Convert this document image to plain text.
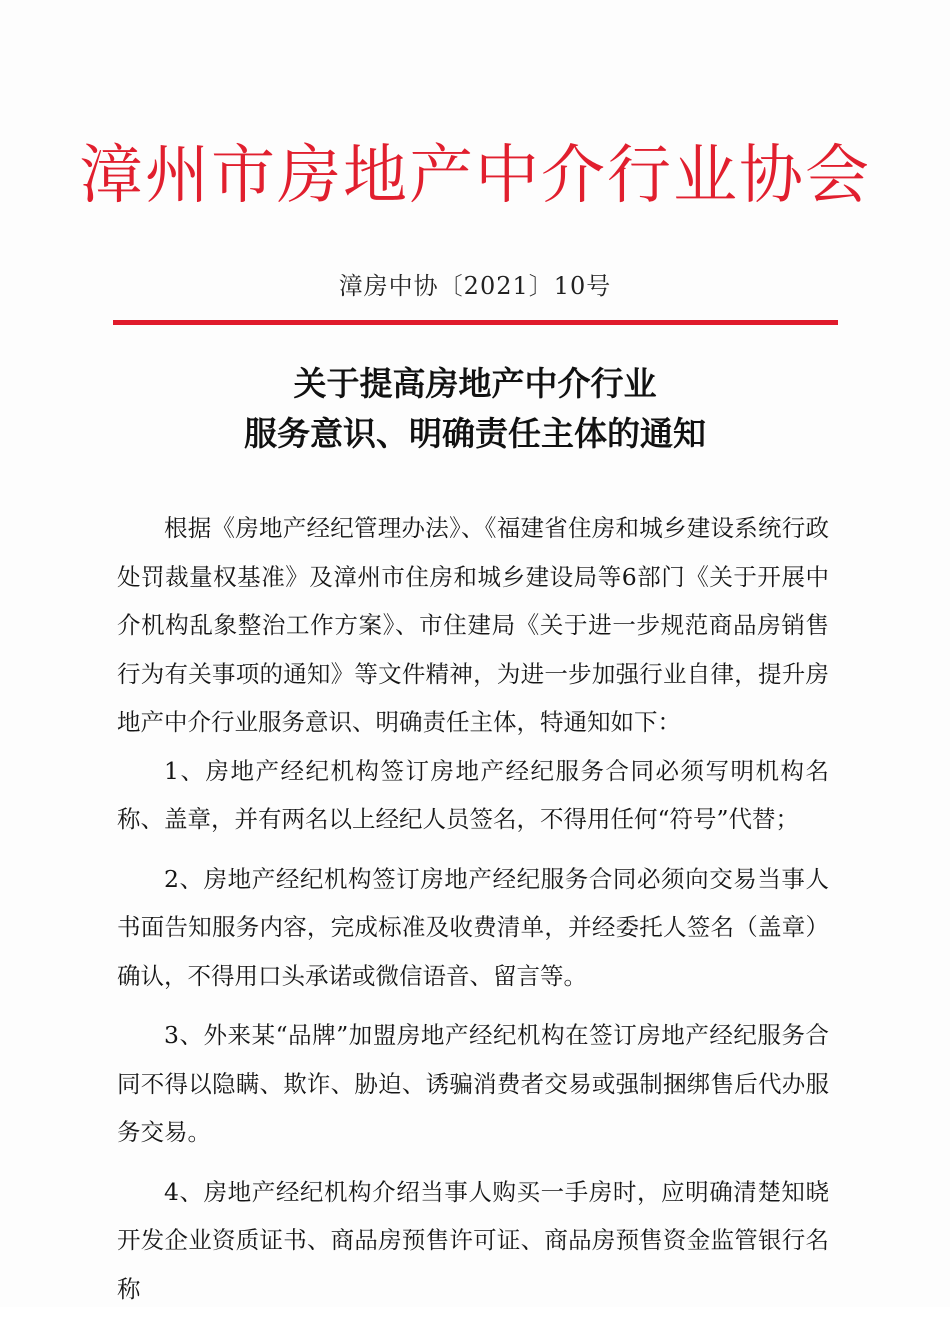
漳州市房地产中介行业协会
漳房中协〔2021〕10号
关于提高房地产中介行业
服务意识、明确责任主体的通知

根据《房地产经纪管理办法》、《福建省住房和城乡建设系统行政处罚裁量权基准》及漳州市住房和城乡建设局等6部门《关于开展中介机构乱象整治工作方案》、市住建局《关于进一步规范商品房销售行为有关事项的通知》等文件精神，为进一步加强行业自律，提升房地产中介行业服务意识、明确责任主体，特通知如下：

1、房地产经纪机构签订房地产经纪服务合同必须写明机构名称、盖章，并有两名以上经纪人员签名，不得用任何“符号”代替；

2、房地产经纪机构签订房地产经纪服务合同必须向交易当事人书面告知服务内容，完成标准及收费清单，并经委托人签名（盖章）确认，不得用口头承诺或微信语音、留言等。

3、外来某“品牌”加盟房地产经纪机构在签订房地产经纪服务合同不得以隐瞒、欺诈、胁迫、诱骗消费者交易或强制捆绑售后代办服务交易。

4、房地产经纪机构介绍当事人购买一手房时，应明确清楚知晓开发企业资质证书、商品房预售许可证、商品房预售资金监管银行名称
